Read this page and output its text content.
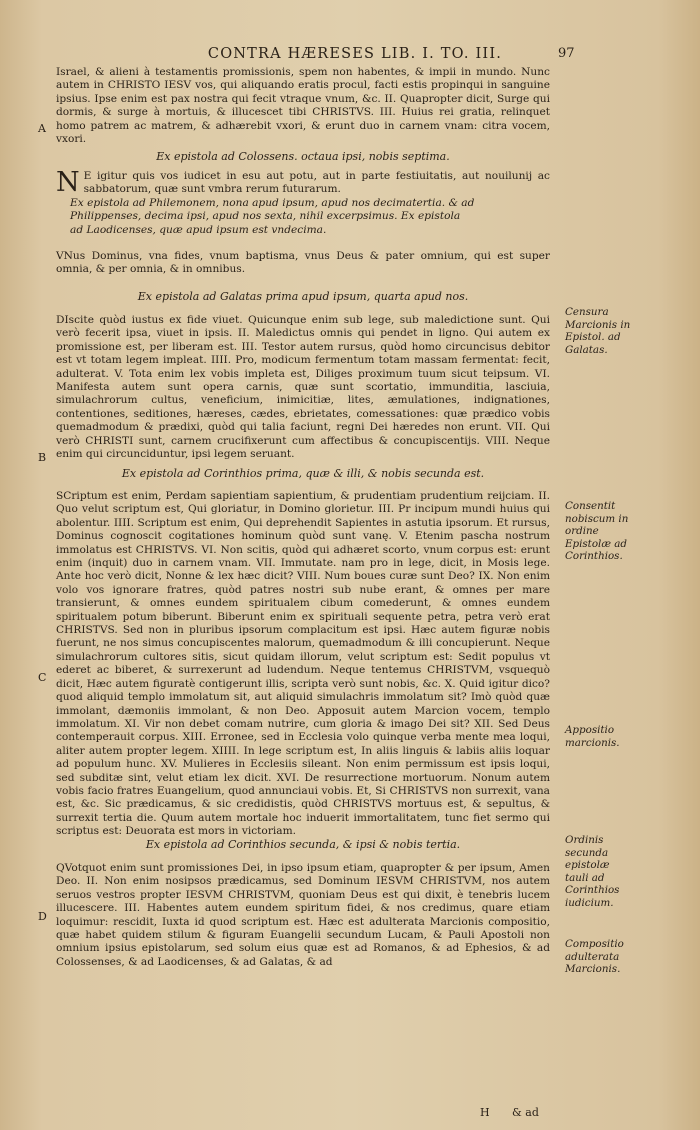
CONTRA HÆRESES LIB. I. TO. III.	97
Israel, & alieni à testamentis promissionis, spem non habentes, & impii in mundo. Nunc autem in CHRISTO IESV vos, qui aliquando eratis procul, facti estis propinqui in sanguine ipsius. Ipse enim est pax nostra qui fecit vtraque vnum, &c. II. Quapropter dicit, Surge qui dormis, & surge à mortuis, & illucescet tibi CHRISTVS. III. Huius rei gratia, relinquet homo patrem ac matrem, & adhærebit vxori, & erunt duo in carnem vnam: citra vocem, vxori.
A
Ex epistola ad Colossens. octaua ipsi, nobis septima.
N E igitur quis vos iudicet in esu aut potu, aut in parte festiuitatis, aut nouilunij ac sabbatorum, quæ sunt vmbra rerum futurarum.
Ex epistola ad Philemonem, nona apud ipsum, apud nos decimatertia. & ad
Philippenses, decima ipsi, apud nos sexta, nihil excerpsimus. Ex epistola
ad Laodicenses, quæ apud ipsum est vndecima.
VNus Dominus, vna fides, vnum baptisma, vnus Deus & pater omnium, qui est super omnia, & per omnia, & in omnibus.
Ex epistola ad Galatas prima apud ipsum, quarta apud nos.
DIscite quòd iustus ex fide viuet. Quicunque enim sub lege, sub maledictione sunt. Qui verò fecerit ipsa, viuet in ipsis. II. Maledictus omnis qui pendet in ligno. Qui autem ex promissione est, per liberam est. III. Testor autem rursus, quòd homo circuncisus debitor est vt totam legem impleat. IIII. Pro, modicum fermentum totam massam fermentat: fecit, adulterat. V. Tota enim lex vobis impleta est, Diliges proximum tuum sicut teipsum. VI. Manifesta autem sunt opera carnis, quæ sunt scortatio, immunditia, lasciuia, simulachrorum cultus, veneficium, inimicitiæ, lites, æmulationes, indignationes, contentiones, seditiones, hæreses, cædes, ebrietates, comessationes: quæ prædico vobis quemadmodum & prædixi, quòd qui talia faciunt, regni Dei hæredes non erunt. VII. Qui verò CHRISTI sunt, carnem crucifixerunt cum affectibus & concupiscentijs. VIII. Neque enim qui circunciduntur, ipsi legem seruant.
B
Censura Marcionis in Epistol. ad Galatas.
Ex epistola ad Corinthios prima, quæ & illi, & nobis secunda est.
SCriptum est enim, Perdam sapientiam sapientium, & prudentiam prudentium reijciam. II. Quo velut scriptum est, Qui gloriatur, in Domino glorietur. III. Pr incipum mundi huius qui abolentur. IIII. Scriptum est enim, Qui deprehendit Sapientes in astutia ipsorum. Et rursus, Dominus cognoscit cogitationes hominum quòd sunt vanę. V. Etenim pascha nostrum immolatus est CHRISTVS. VI. Non scitis, quòd qui adhæret scorto, vnum corpus est: erunt enim (inquit) duo in carnem vnam. VII. Immutate. nam pro in lege, dicit, in Mosis lege. Ante hoc verò dicit, Nonne & lex hæc dicit? VIII. Num boues curæ sunt Deo? IX. Non enim volo vos ignorare fratres, quòd patres nostri sub nube erant, & omnes per mare transierunt, & omnes eundem spiritualem cibum comederunt, & omnes eundem spiritualem potum biberunt. Biberunt enim ex spirituali sequente petra, petra verò erat CHRISTVS. Sed non in pluribus ipsorum complacitum est ipsi. Hæc autem figuræ nobis fuerunt, ne nos simus concupiscentes malorum, quemadmodum & illi concupierunt. Neque simulachrorum cultores sitis, sicut quidam illorum, velut scriptum est: Sedit populus vt ederet ac biberet, & surrexerunt ad ludendum. Neque tentemus CHRISTVM, vsquequò dicit, Hæc autem figuratè contigerunt illis, scripta verò sunt nobis, &c. X. Quid igitur dico? quod aliquid templo immolatum sit, aut aliquid simulachris immolatum sit? Imò quòd quæ immolant, dæmoniis immolant, & non Deo. Apposuit autem Marcion vocem, templo immolatum. XI. Vir non debet comam nutrire, cum gloria & imago Dei sit? XII. Sed Deus contemperauit corpus. XIII. Erronee, sed in Ecclesia volo quinque verba mente mea loqui, aliter autem propter legem. XIIII. In lege scriptum est, In aliis linguis & labiis aliis loquar ad populum hunc. XV. Mulieres in Ecclesiis sileant. Non enim permissum est ipsis loqui, sed subditæ sint, velut etiam lex dicit. XVI. De resurrectione mortuorum. Nonum autem vobis facio fratres Euangelium, quod annunciaui vobis. Et, Si CHRISTVS non surrexit, vana est, &c. Sic prædicamus, & sic credidistis, quòd CHRISTVS mortuus est, & sepultus, & surrexit tertia die. Quum autem mortale hoc induerit immortalitatem, tunc fiet sermo qui scriptus est: Deuorata est mors in victoriam.
C
Consentit nobiscum in ordine Epistolæ ad Corinthios.
Appositio marcionis.
Ex epistola ad Corinthios secunda, & ipsi & nobis tertia.
QVotquot enim sunt promissiones Dei, in ipso ipsum etiam, quapropter & per ipsum, Amen Deo. II. Non enim nosipsos prædicamus, sed Dominum IESVM CHRISTVM, nos autem seruos vestros propter IESVM CHRISTVM, quoniam Deus est qui dixit, è tenebris lucem illucescere. III. Habentes autem eundem spiritum fidei, & nos credimus, quare etiam loquimur: rescidit, Iuxta id quod scriptum est. Hæc est adulterata Marcionis compositio, quæ habet quidem stilum & figuram Euangelii secundum Lucam, & Pauli Apostoli non omnium ipsius epistolarum, sed solum eius quæ est ad Romanos, & ad Ephesios, & ad Colossenses, & ad Laodicenses, & ad Galatas, & ad
D
Ordinis secunda epistolæ tauli ad Corinthios iudicium.
Compositio adulterata Marcionis.
H & ad
